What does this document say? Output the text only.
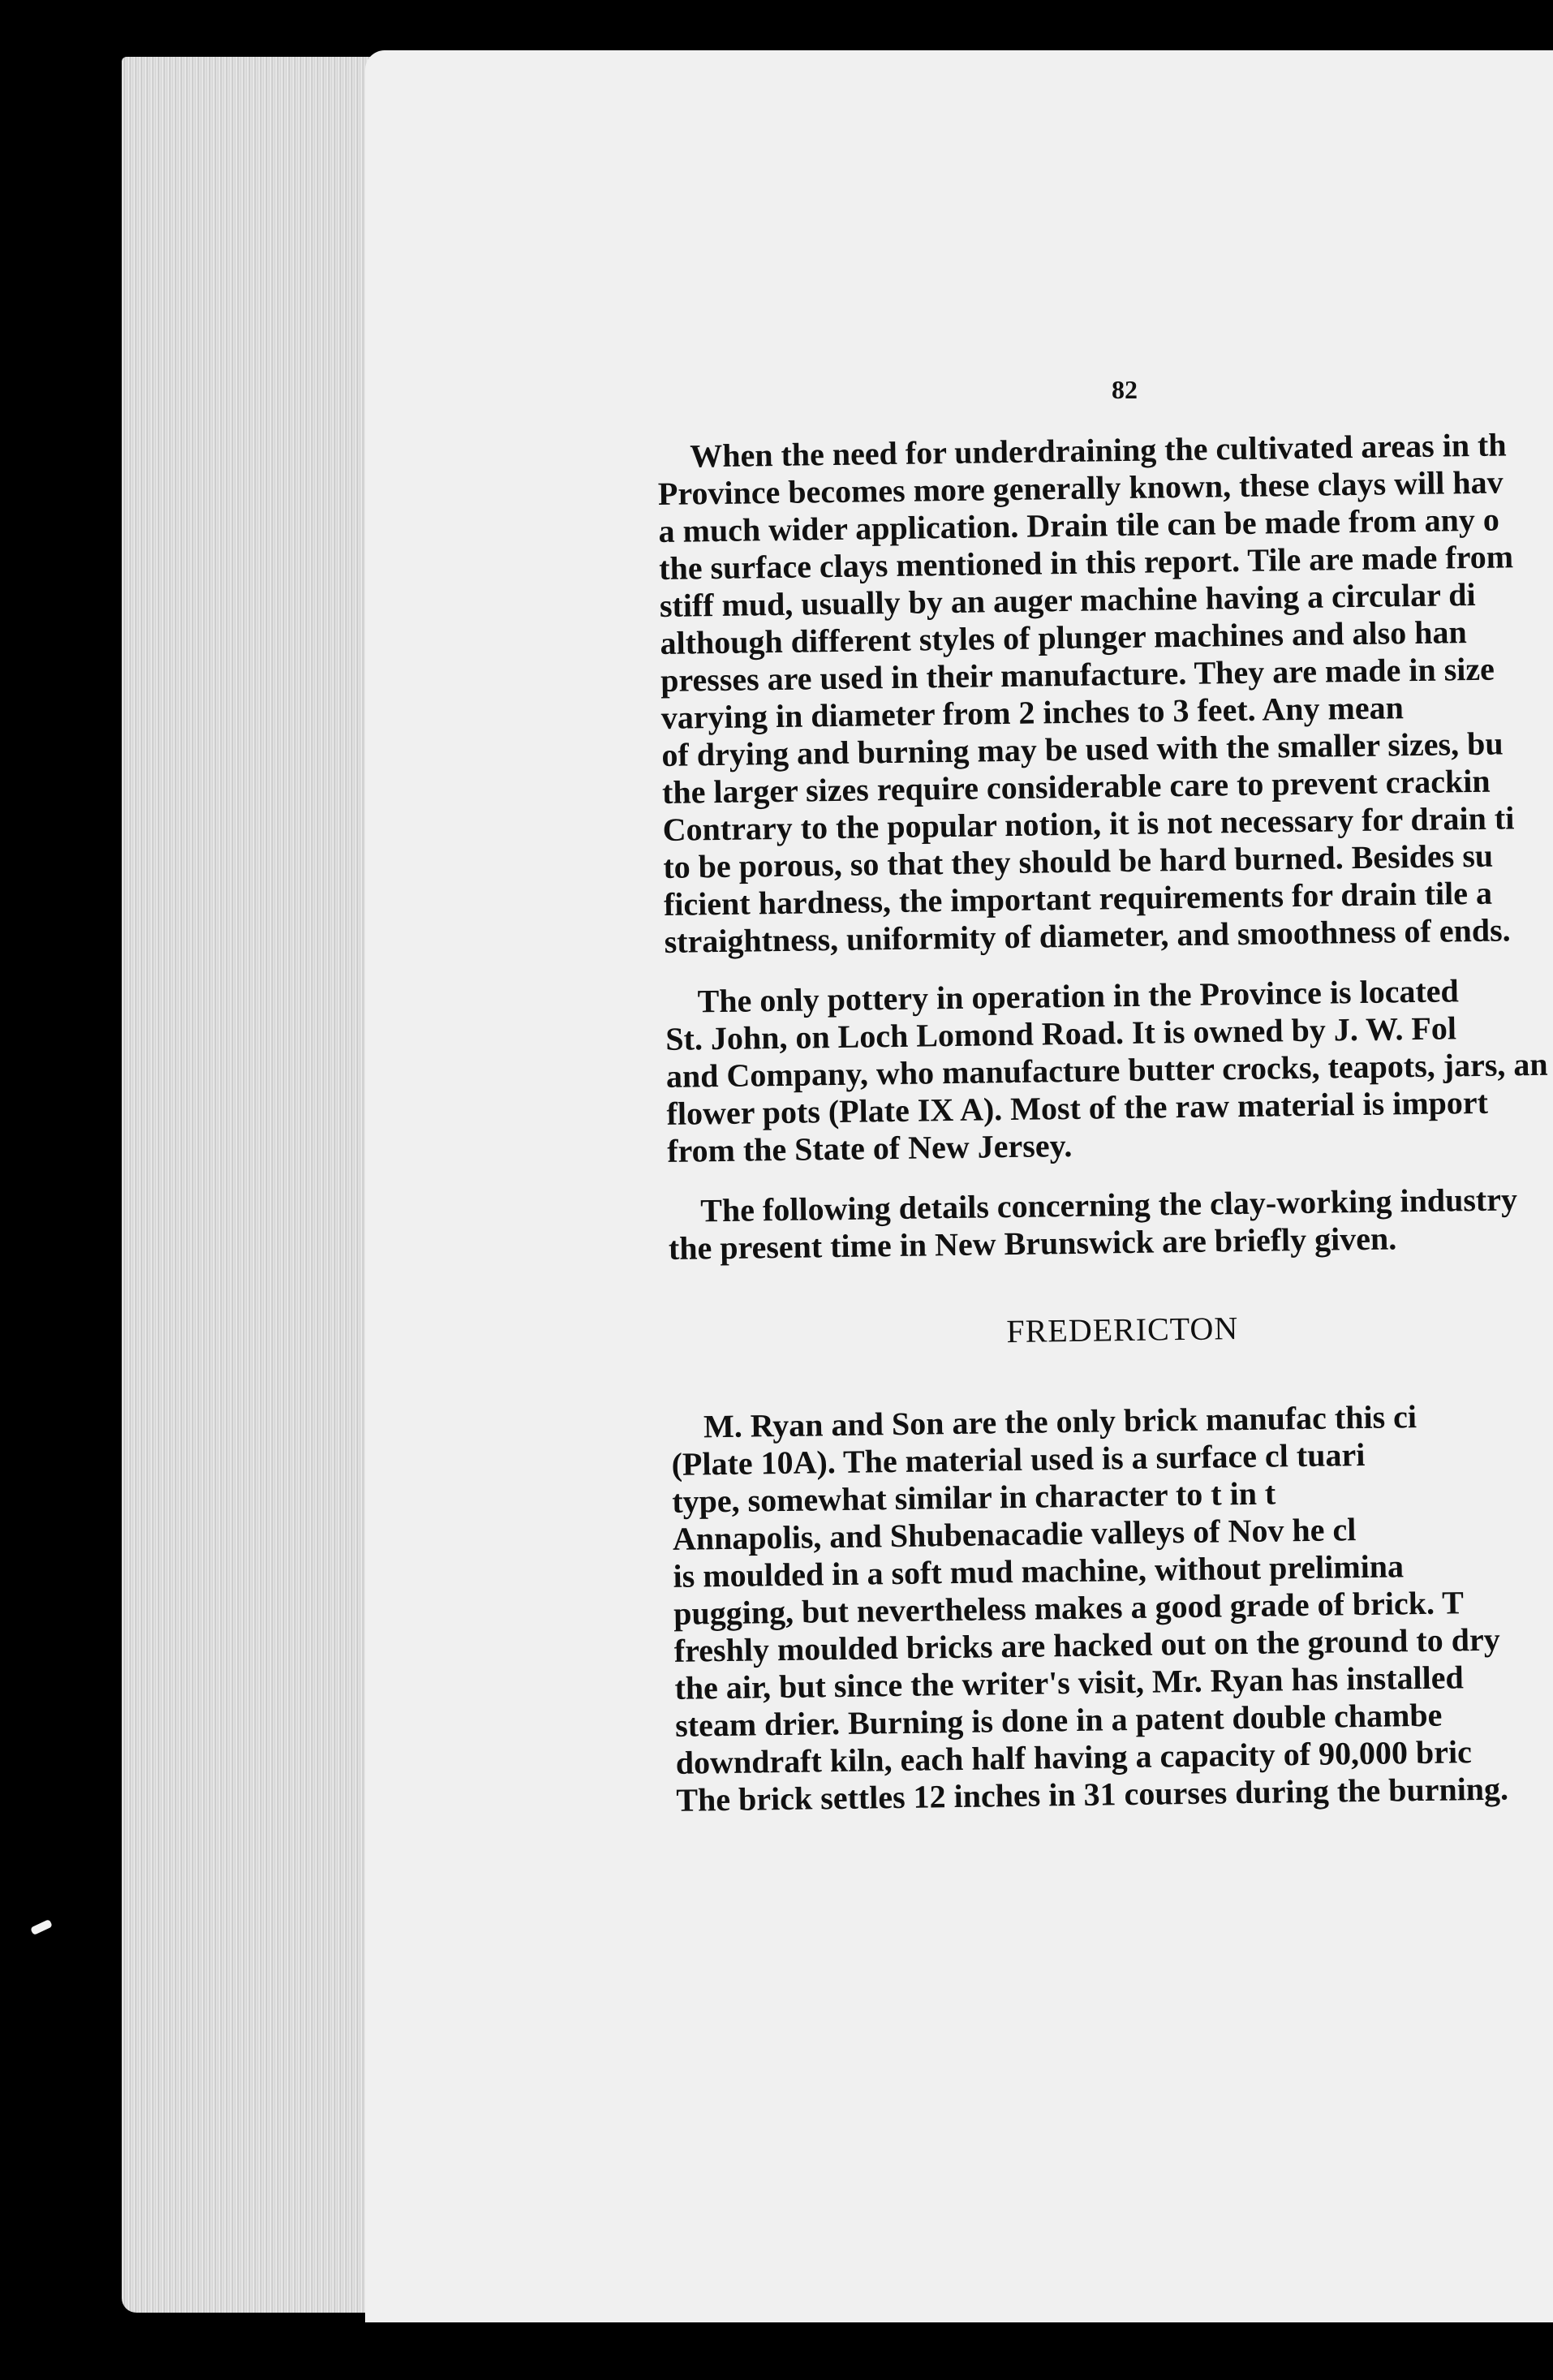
82
When the need for underdraining the cultivated areas in th
Province becomes more generally known, these clays will hav
a much wider application. Drain tile can be made from any o
the surface clays mentioned in this report. Tile are made from
stiff mud, usually by an auger machine having a circular di
although different styles of plunger machines and also han
presses are used in their manufacture. They are made in size
varying in diameter from 2 inches to 3 feet. Any mean
of drying and burning may be used with the smaller sizes, bu
the larger sizes require considerable care to prevent crackin
Contrary to the popular notion, it is not necessary for drain ti
to be porous, so that they should be hard burned. Besides su
ficient hardness, the important requirements for drain tile a
straightness, uniformity of diameter, and smoothness of ends.
The only pottery in operation in the Province is located
St. John, on Loch Lomond Road. It is owned by J. W. Fol
and Company, who manufacture butter crocks, teapots, jars, an
flower pots (Plate IX A). Most of the raw material is import
from the State of New Jersey.
The following details concerning the clay-working industry
the present time in New Brunswick are briefly given.
FREDERICTON
M. Ryan and Son are the only brick manufac this ci
(Plate 10A). The material used is a surface cl tuari
type, somewhat similar in character to t in t
Annapolis, and Shubenacadie valleys of Nov he cl
is moulded in a soft mud machine, without prelimina
pugging, but nevertheless makes a good grade of brick. T
freshly moulded bricks are hacked out on the ground to dry
the air, but since the writer's visit, Mr. Ryan has installed
steam drier. Burning is done in a patent double chambe
downdraft kiln, each half having a capacity of 90,000 bric
The brick settles 12 inches in 31 courses during the burning.
